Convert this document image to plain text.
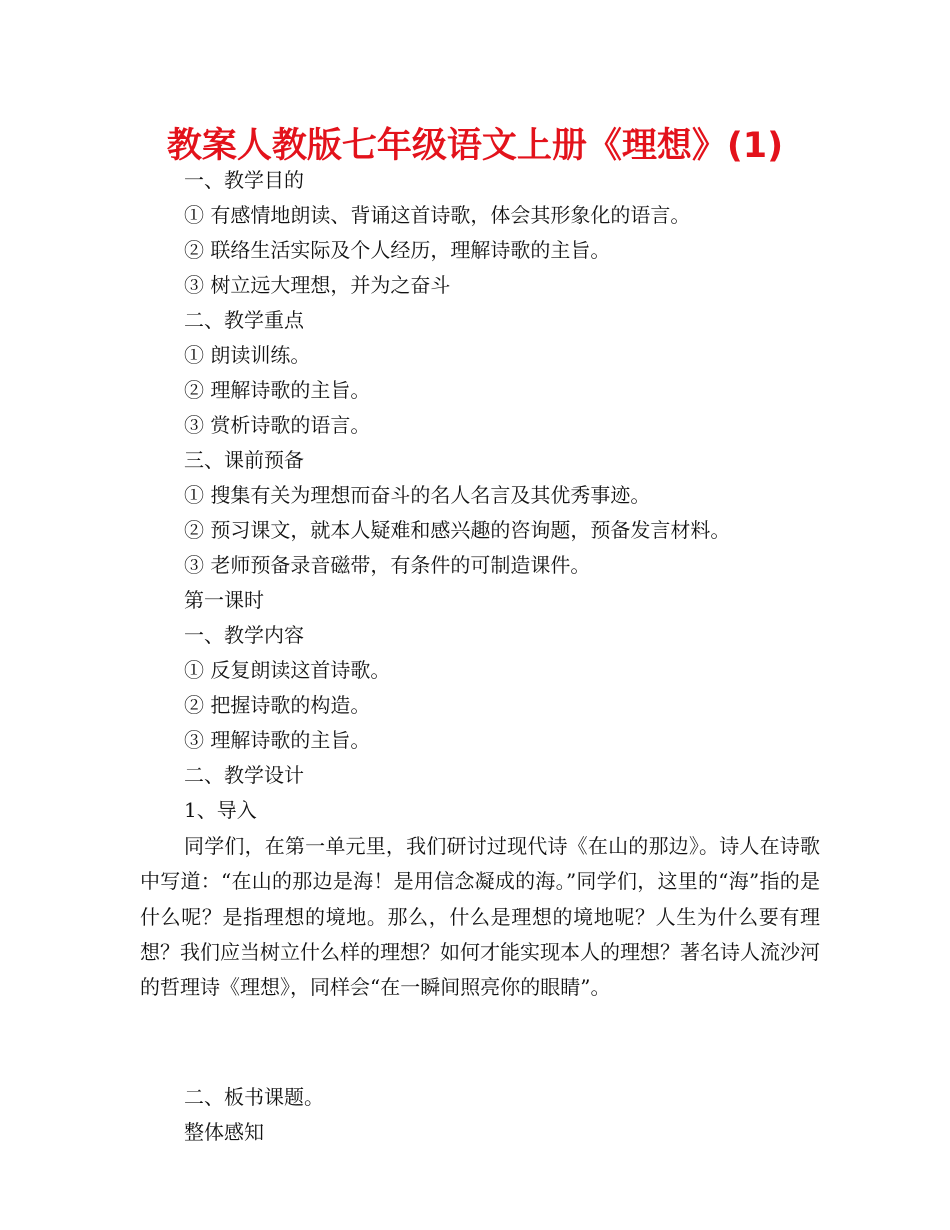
教案人教版七年级语文上册《理想》(1)

一、教学目的

① 有感情地朗读、背诵这首诗歌，体会其形象化的语言。

② 联络生活实际及个人经历，理解诗歌的主旨。

③ 树立远大理想，并为之奋斗

二、教学重点

① 朗读训练。

② 理解诗歌的主旨。

③ 赏析诗歌的语言。

三、课前预备

① 搜集有关为理想而奋斗的名人名言及其优秀事迹。

② 预习课文，就本人疑难和感兴趣的咨询题，预备发言材料。

③ 老师预备录音磁带，有条件的可制造课件。

第一课时

一、教学内容

① 反复朗读这首诗歌。

② 把握诗歌的构造。

③ 理解诗歌的主旨。

二、教学设计

1、导入

同学们，在第一单元里，我们研讨过现代诗《在山的那边》。诗人在诗歌中写道：“在山的那边是海！是用信念凝成的海。”同学们，这里的“海”指的是什么呢？是指理想的境地。那么，什么是理想的境地呢？人生为什么要有理想？我们应当树立什么样的理想？如何才能实现本人的理想？著名诗人流沙河的哲理诗《理想》，同样会“在一瞬间照亮你的眼睛”。

二、板书课题。

整体感知
